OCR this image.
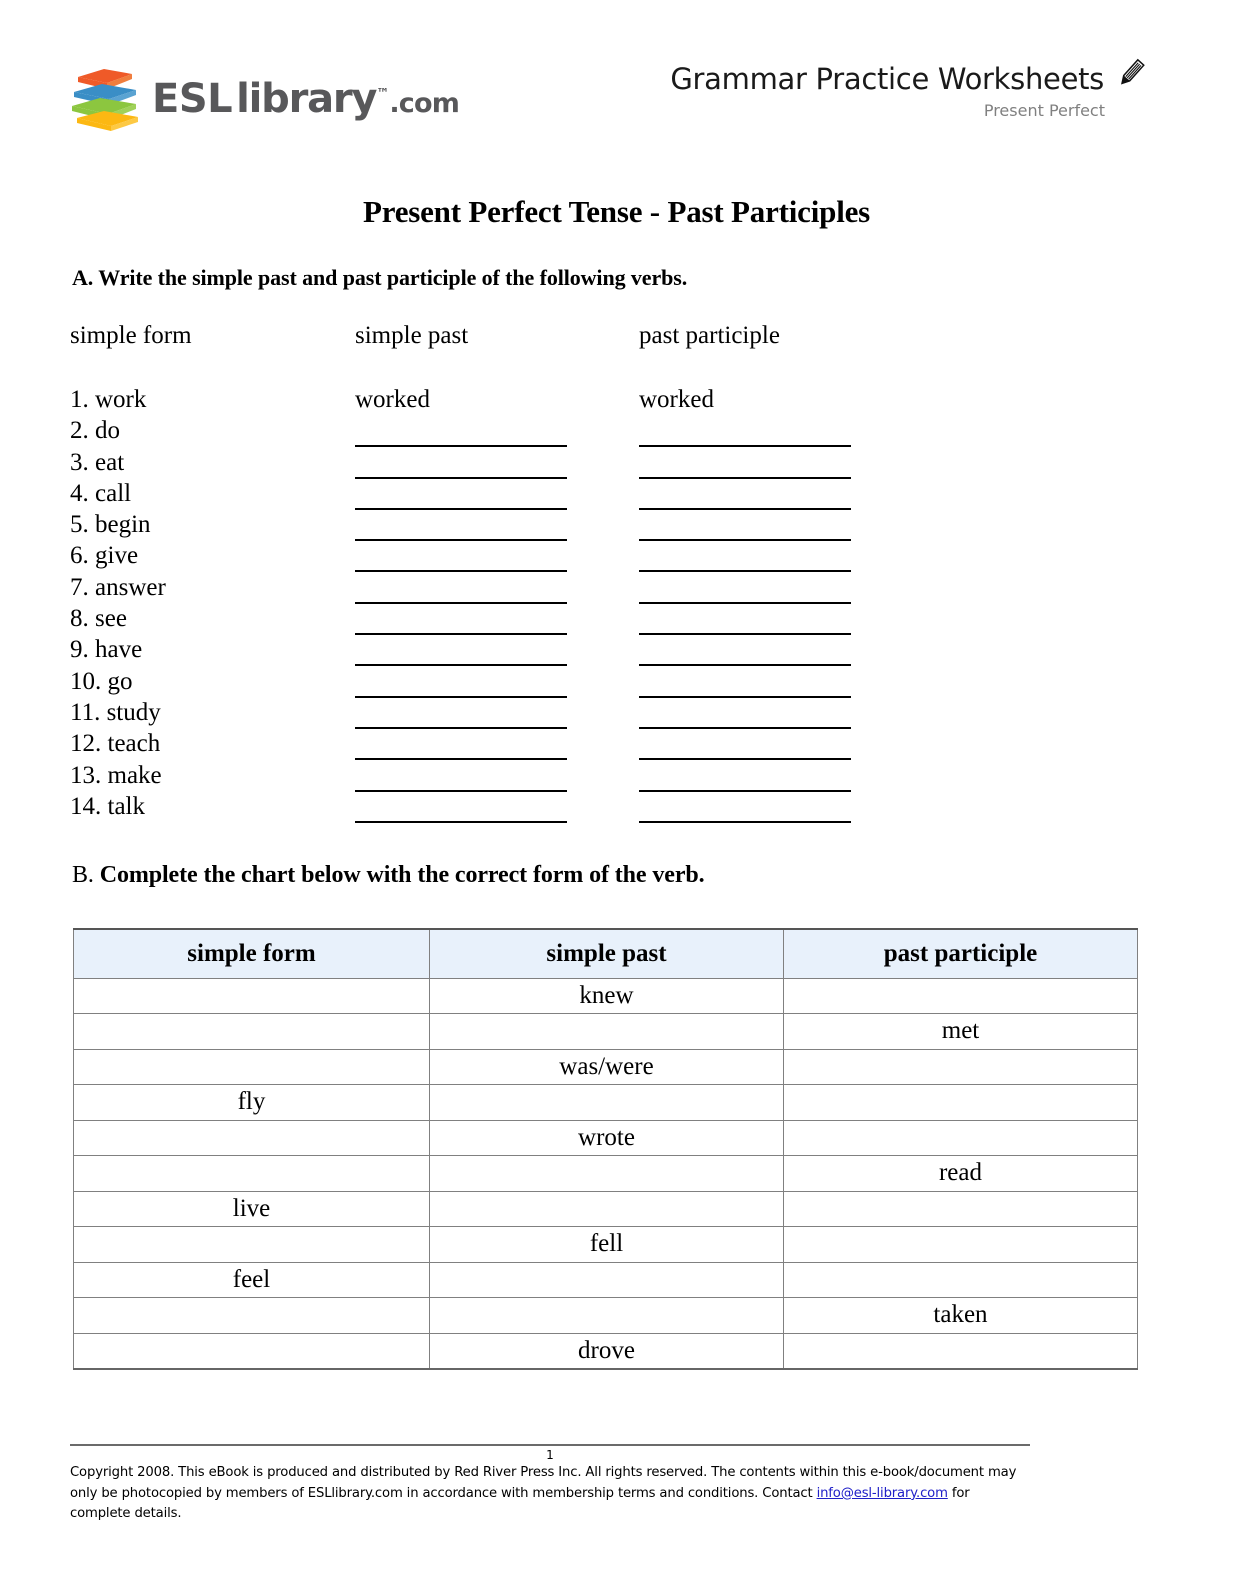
ESL library™.com
Grammar Practice Worksheets
Present Perfect
Present Perfect Tense - Past Participles
A. Write the simple past and past participle of the following verbs.
simple form	simple past	past participle
1. work	worked	worked
2. do
3. eat
4. call
5. begin
6. give
7. answer
8. see
9. have
10. go
11. study
12. teach
13. make
14. talk
B. Complete the chart below with the correct form of the verb.
simple form	simple past	past participle
	knew	
		met
	was/were	
fly		
	wrote	
		read
live		
	fell	
feel		
		taken
	drove	
1
Copyright 2008. This eBook is produced and distributed by Red River Press Inc. All rights reserved. The contents within this e-book/document may only be photocopied by members of ESLlibrary.com in accordance with membership terms and conditions. Contact info@esl-library.com for complete details.
